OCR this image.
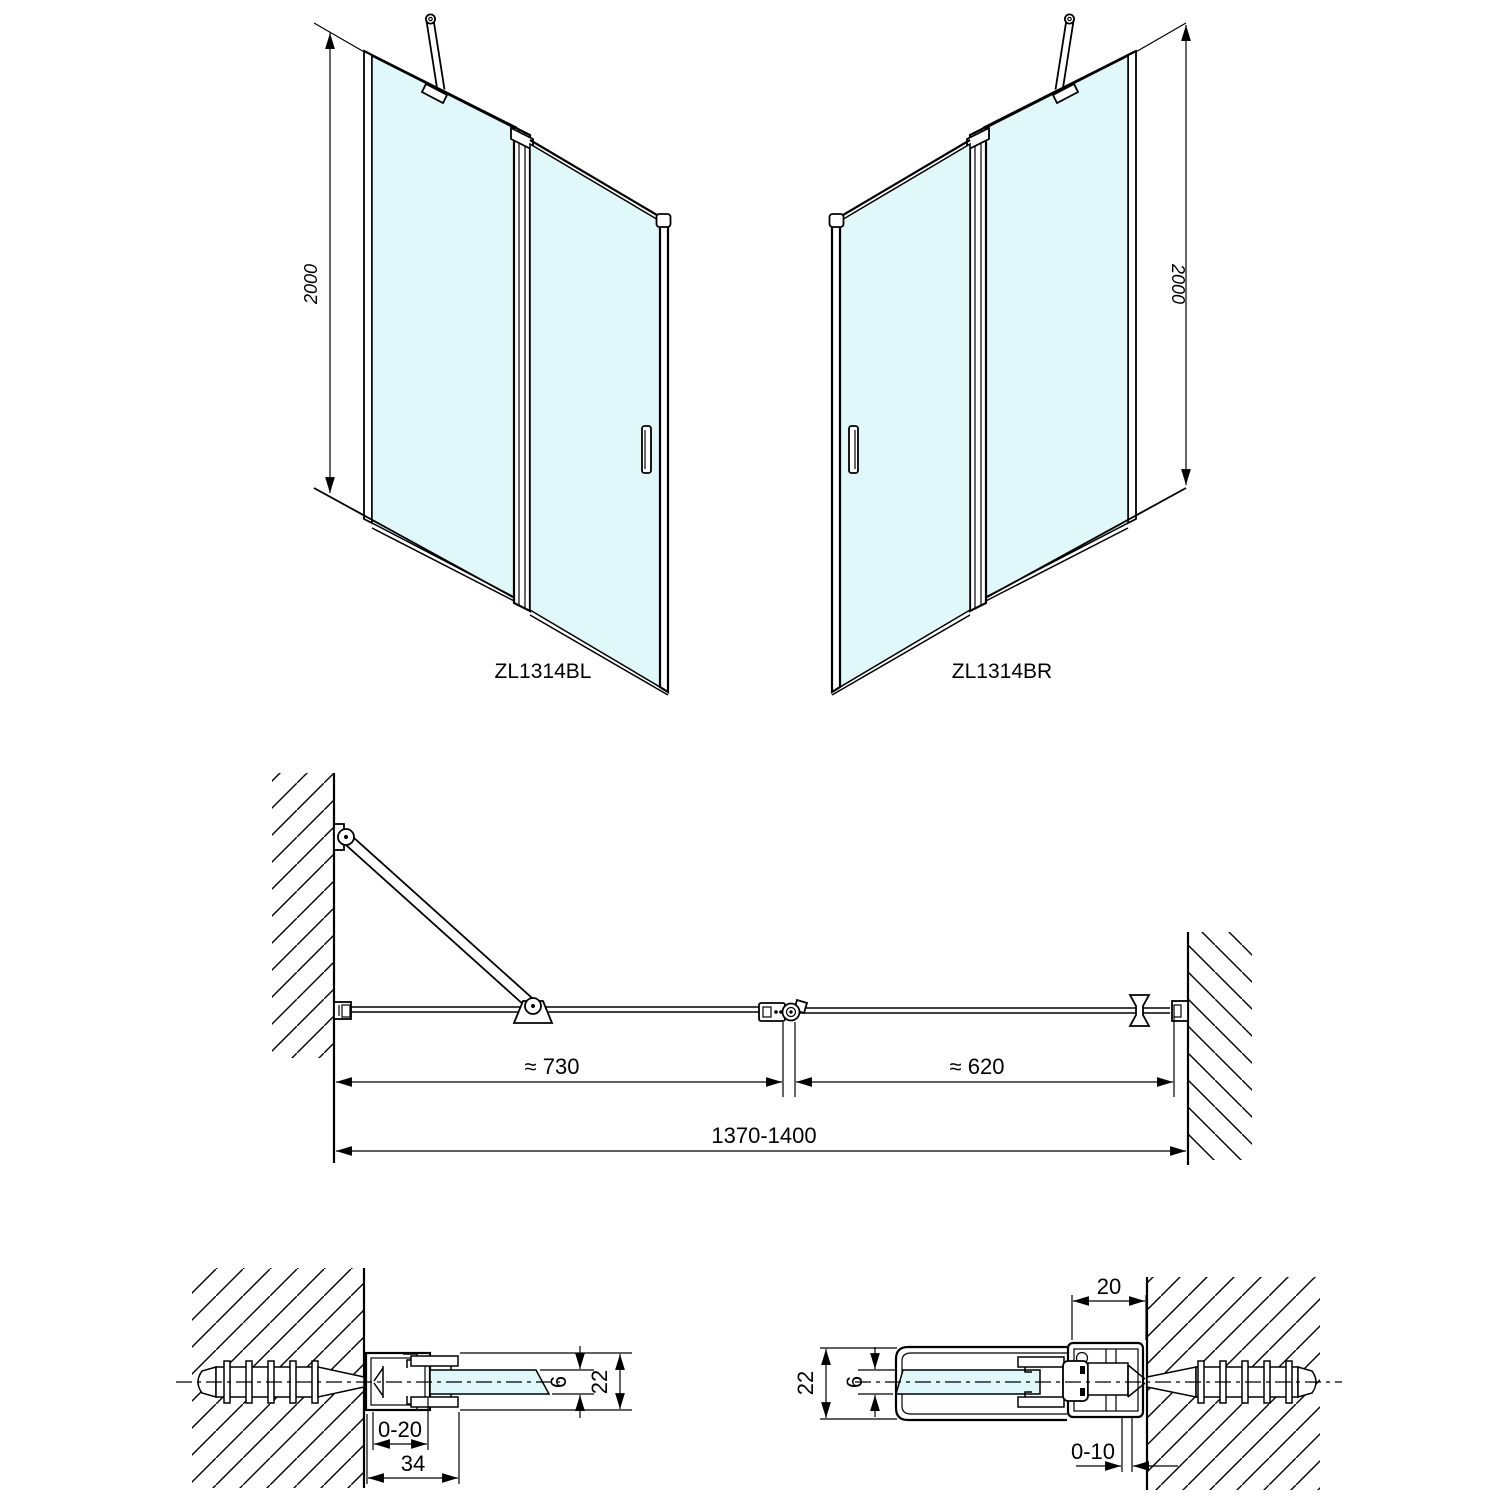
2000	2000
ZL1314BL	ZL1314BR
≈ 730	≈ 620
1370-1400
6 22
0-20
34
20
0-10
22 6
